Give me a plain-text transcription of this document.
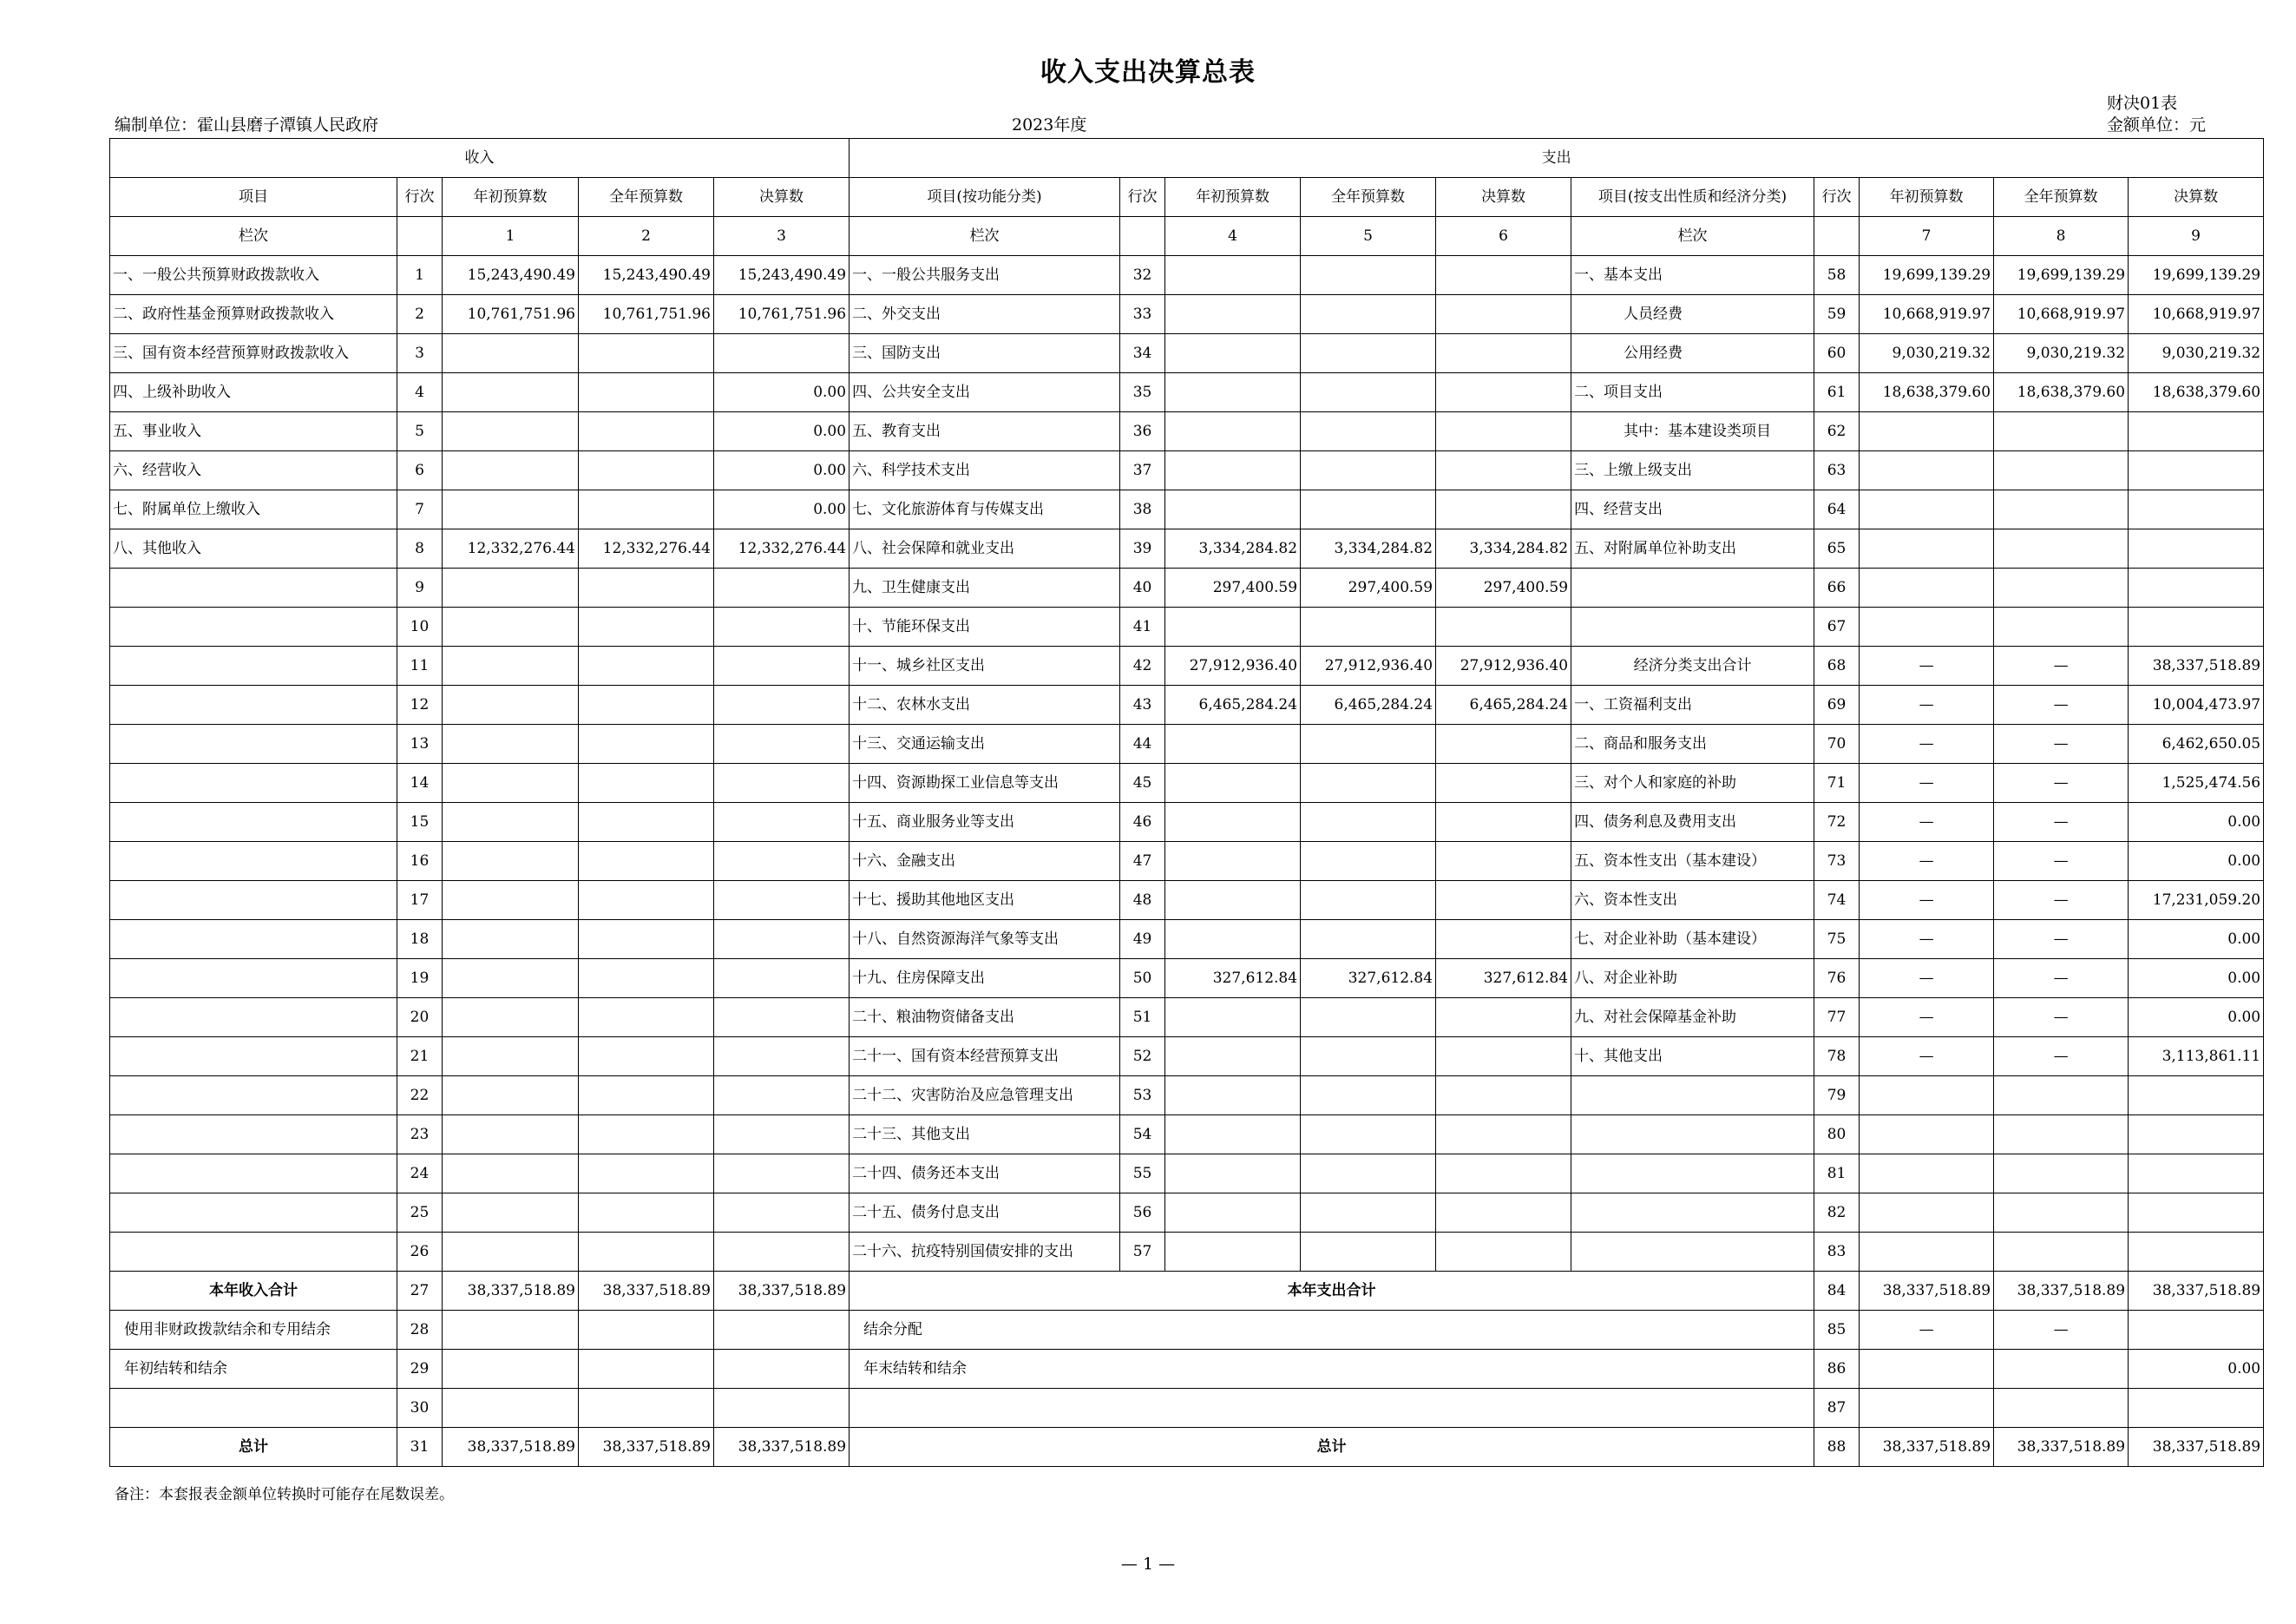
收入支出决算总表
编制单位：霍山县磨子潭镇人民政府	2023年度
财决01表
金额单位：元
收入					支出									
项目	行次	年初预算数	全年预算数	决算数	项目(按功能分类)	行次	年初预算数	全年预算数	决算数	项目(按支出性质和经济分类)	行次	年初预算数	全年预算数	决算数
栏次		1	2	3	栏次		4	5	6	栏次		7	8	9
一、一般公共预算财政拨款收入	1	15,243,490.49	15,243,490.49	15,243,490.49	一、一般公共服务支出	32				一、基本支出	58	19,699,139.29	19,699,139.29	19,699,139.29
二、政府性基金预算财政拨款收入	2	10,761,751.96	10,761,751.96	10,761,751.96	二、外交支出	33				人员经费	59	10,668,919.97	10,668,919.97	10,668,919.97
三、国有资本经营预算财政拨款收入	3				三、国防支出	34				公用经费	60	9,030,219.32	9,030,219.32	9,030,219.32
四、上级补助收入	4			0.00	四、公共安全支出	35				二、项目支出	61	18,638,379.60	18,638,379.60	18,638,379.60
五、事业收入	5			0.00	五、教育支出	36				其中：基本建设类项目	62			
六、经营收入	6			0.00	六、科学技术支出	37				三、上缴上级支出	63			
七、附属单位上缴收入	7			0.00	七、文化旅游体育与传媒支出	38				四、经营支出	64			
八、其他收入	8	12,332,276.44	12,332,276.44	12,332,276.44	八、社会保障和就业支出	39	3,334,284.82	3,334,284.82	3,334,284.82	五、对附属单位补助支出	65			
	9				九、卫生健康支出	40	297,400.59	297,400.59	297,400.59		66			
	10				十、节能环保支出	41					67			
	11				十一、城乡社区支出	42	27,912,936.40	27,912,936.40	27,912,936.40	经济分类支出合计	68	—	—	38,337,518.89
	12				十二、农林水支出	43	6,465,284.24	6,465,284.24	6,465,284.24	一、工资福利支出	69	—	—	10,004,473.97
	13				十三、交通运输支出	44				二、商品和服务支出	70	—	—	6,462,650.05
	14				十四、资源勘探工业信息等支出	45				三、对个人和家庭的补助	71	—	—	1,525,474.56
	15				十五、商业服务业等支出	46				四、债务利息及费用支出	72	—	—	0.00
	16				十六、金融支出	47				五、资本性支出（基本建设）	73	—	—	0.00
	17				十七、援助其他地区支出	48				六、资本性支出	74	—	—	17,231,059.20
	18				十八、自然资源海洋气象等支出	49				七、对企业补助（基本建设）	75	—	—	0.00
	19				十九、住房保障支出	50	327,612.84	327,612.84	327,612.84	八、对企业补助	76	—	—	0.00
	20				二十、粮油物资储备支出	51				九、对社会保障基金补助	77	—	—	0.00
	21				二十一、国有资本经营预算支出	52				十、其他支出	78	—	—	3,113,861.11
	22				二十二、灾害防治及应急管理支出	53					79			
	23				二十三、其他支出	54					80			
	24				二十四、债务还本支出	55					81			
	25				二十五、债务付息支出	56					82			
	26				二十六、抗疫特别国债安排的支出	57					83			
本年收入合计	27	38,337,518.89	38,337,518.89	38,337,518.89	本年支出合计						84	38,337,518.89	38,337,518.89	38,337,518.89
使用非财政拨款结余和专用结余	28				结余分配						85	—	—	
年初结转和结余	29				年末结转和结余						86			0.00
	30										87			
总计	31	38,337,518.89	38,337,518.89	38,337,518.89	总计						88	38,337,518.89	38,337,518.89	38,337,518.89
备注：本套报表金额单位转换时可能存在尾数误差。
— 1 —
